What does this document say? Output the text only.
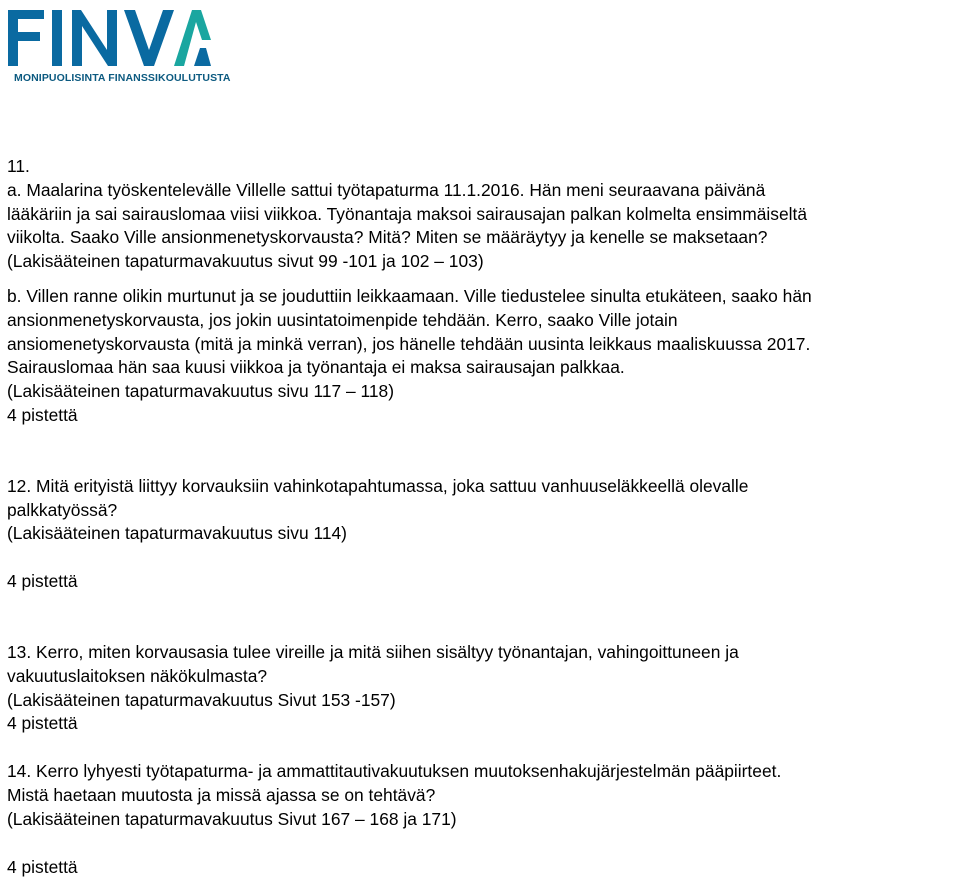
MONIPUOLISINTA FINANSSIKOULUTUSTA

11.

a. Maalarina työskentelevälle Villelle sattui työtapaturma 11.1.2016. Hän meni seuraavana päivänä

lääkäriin ja sai sairauslomaa viisi viikkoa. Työnantaja maksoi sairausajan palkan kolmelta ensimmäiseltä

viikolta. Saako Ville ansionmenetyskorvausta? Mitä? Miten se määräytyy ja kenelle se maksetaan?

(Lakisääteinen tapaturmavakuutus sivut 99 -101 ja 102 – 103)

b. Villen ranne olikin murtunut ja se jouduttiin leikkaamaan. Ville tiedustelee sinulta etukäteen, saako hän

ansionmenetyskorvausta, jos jokin uusintatoimenpide tehdään. Kerro, saako Ville jotain

ansiomenetyskorvausta (mitä ja minkä verran), jos hänelle tehdään uusinta leikkaus maaliskuussa 2017.

Sairauslomaa hän saa kuusi viikkoa ja työnantaja ei maksa sairausajan palkkaa.

(Lakisääteinen tapaturmavakuutus sivu 117 – 118)

4 pistettä

12. Mitä erityistä liittyy korvauksiin vahinkotapahtumassa, joka sattuu vanhuuseläkkeellä olevalle

palkkatyössä?

(Lakisääteinen tapaturmavakuutus sivu 114)

4 pistettä

13. Kerro, miten korvausasia tulee vireille ja mitä siihen sisältyy työnantajan, vahingoittuneen ja

vakuutuslaitoksen näkökulmasta?

(Lakisääteinen tapaturmavakuutus Sivut 153 -157)

4 pistettä

14. Kerro lyhyesti työtapaturma- ja ammattitautivakuutuksen muutoksenhakujärjestelmän pääpiirteet.

Mistä haetaan muutosta ja missä ajassa se on tehtävä?

(Lakisääteinen tapaturmavakuutus Sivut 167 – 168 ja 171)

4 pistettä
